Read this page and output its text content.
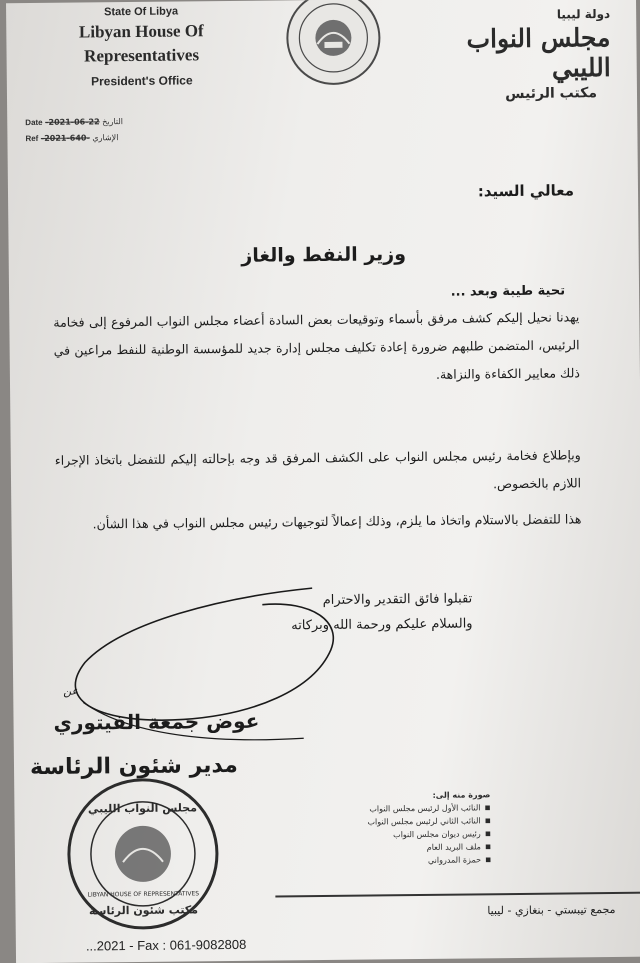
State Of Libya
Libyan House Of
Representatives
President's Office
دولة ليبيا
مجلس النواب الليبي
مكتب الرئيس
Date -2021-06-22 التاريخ
Ref -2021-640- الإشاري
معالي السيد:
وزير النفط والغاز
تحية طيبة وبعد ...
يهدنا نحيل إليكم كشف مرفق بأسماء وتوقيعات بعض السادة أعضاء مجلس النواب المرفوع إلى فخامة الرئيس، المتضمن طلبهم ضرورة إعادة تكليف مجلس إدارة جديد للمؤسسة الوطنية للنفط مراعين في ذلك معايير الكفاءة والنزاهة.
وبإطلاع فخامة رئيس مجلس النواب على الكشف المرفق قد وجه بإحالته إليكم للتفضل باتخاذ الإجراء اللازم بالخصوص.
هذا للتفضل بالاستلام واتخاذ ما يلزم، وذلك إعمالاً لتوجيهات رئيس مجلس النواب في هذا الشأن.
تقبلوا فائق التقدير والاحترام
والسلام عليكم ورحمة الله وبركاته
عن
عوض جمعة الفيتوري
مدير شئون الرئاسة
مجلس النواب الليبي
LIBYAN HOUSE OF REPRESENTATIVES
مكتب شئون الرئاسة
صورة منه إلى:
■ النائب الأول لرئيس مجلس النواب
■ النائب الثاني لرئيس مجلس النواب
■ رئيس ديوان مجلس النواب
■ ملف البريد العام
■ حمزة المدرواني
مجمع تيبستي - بنغازي - ليبيا
...2021 - Fax : 061-9082808
